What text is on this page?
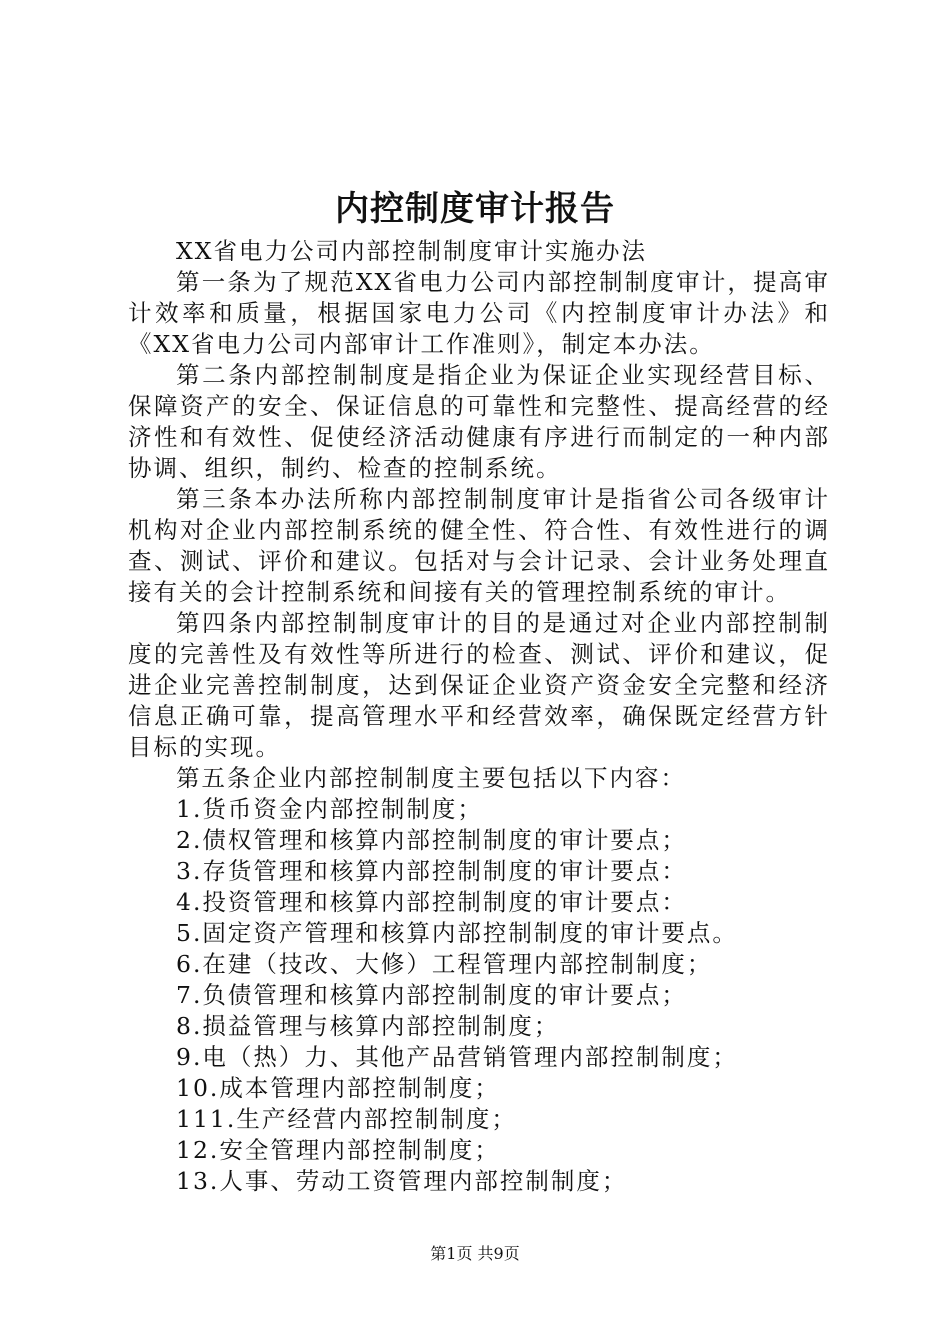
内控制度审计报告

XX省电力公司内部控制制度审计实施办法

第一条为了规范XX省电力公司内部控制制度审计，提高审计效率和质量，根据国家电力公司《内控制度审计办法》和《XX省电力公司内部审计工作准则》，制定本办法。

第二条内部控制制度是指企业为保证企业实现经营目标、保障资产的安全、保证信息的可靠性和完整性、提高经营的经济性和有效性、促使经济活动健康有序进行而制定的一种内部协调、组织，制约、检查的控制系统。

第三条本办法所称内部控制制度审计是指省公司各级审计机构对企业内部控制系统的健全性、符合性、有效性进行的调查、测试、评价和建议。包括对与会计记录、会计业务处理直接有关的会计控制系统和间接有关的管理控制系统的审计。

第四条内部控制制度审计的目的是通过对企业内部控制制度的完善性及有效性等所进行的检查、测试、评价和建议，促进企业完善控制制度，达到保证企业资产资金安全完整和经济信息正确可靠，提高管理水平和经营效率，确保既定经营方针目标的实现。

第五条企业内部控制制度主要包括以下内容：

1.货币资金内部控制制度；
2.债权管理和核算内部控制制度的审计要点；
3.存货管理和核算内部控制制度的审计要点：
4.投资管理和核算内部控制制度的审计要点：
5.固定资产管理和核算内部控制制度的审计要点。
6.在建（技改、大修）工程管理内部控制制度；
7.负债管理和核算内部控制制度的审计要点；
8.损益管理与核算内部控制制度；
9.电（热）力、其他产品营销管理内部控制制度；
10.成本管理内部控制制度；
111.生产经营内部控制制度；
12.安全管理内部控制制度；
13.人事、劳动工资管理内部控制制度；
第1页 共9页
